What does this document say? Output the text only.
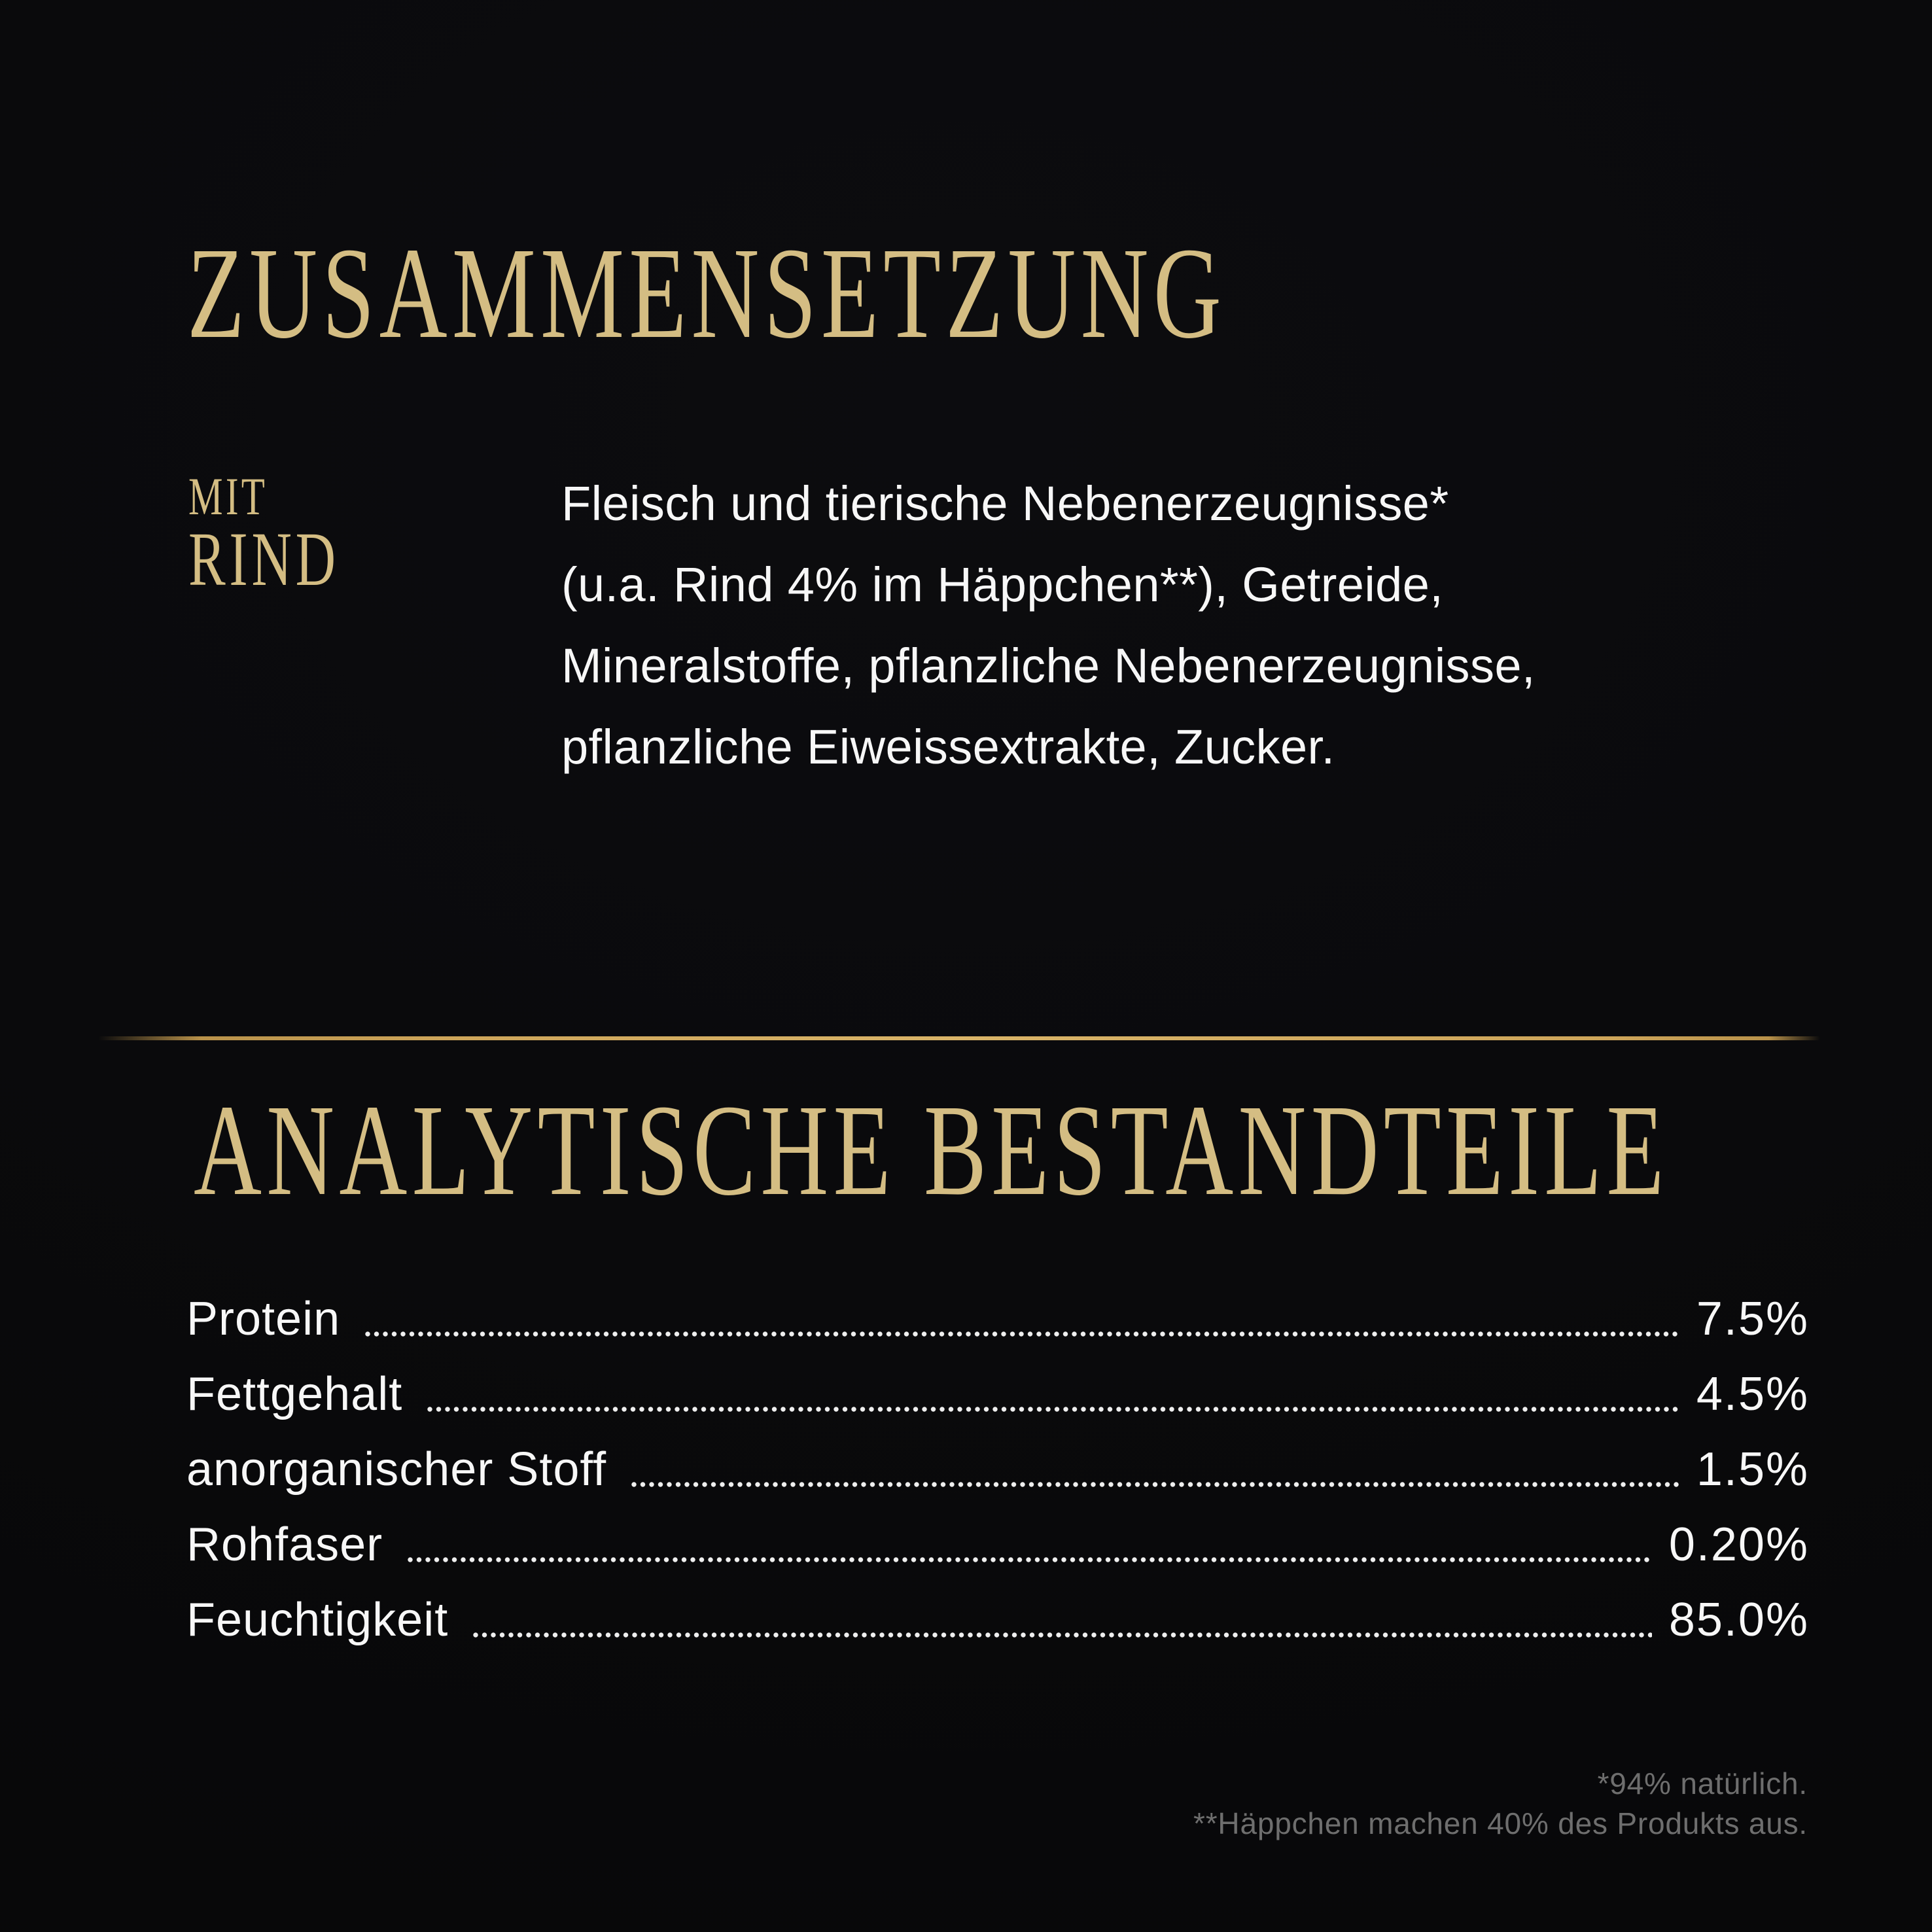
ZUSAMMENSETZUNG
MIT
RIND
Fleisch und tierische Nebenerzeugnisse*
(u.a. Rind 4% im Häppchen**), Getreide,
Mineralstoffe, pflanzliche Nebenerzeugnisse,
pflanzliche Eiweissextrakte, Zucker.
ANALYTISCHE BESTANDTEILE
Protein	7.5%
Fettgehalt	4.5%
anorganischer Stoff	1.5%
Rohfaser	0.20%
Feuchtigkeit	85.0%
*94% natürlich.
**Häppchen machen 40% des Produkts aus.
